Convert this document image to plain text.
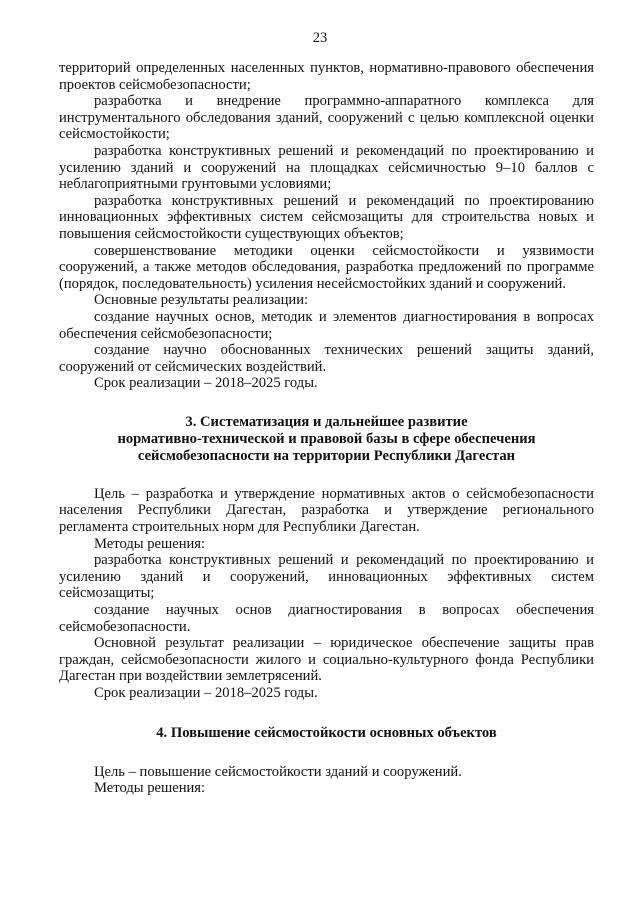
23

территорий определенных населенных пунктов, нормативно-правового обеспечения проектов сейсмобезопасности;

разработка и внедрение программно-аппаратного комплекса для инструментального обследования зданий, сооружений с целью комплексной оценки сейсмостойкости;

разработка конструктивных решений и рекомендаций по проектированию и усилению зданий и сооружений на площадках сейсмичностью 9–10 баллов с неблагоприятными грунтовыми условиями;

разработка конструктивных решений и рекомендаций по проектированию инновационных эффективных систем сейсмозащиты для строительства новых и повышения сейсмостойкости существующих объектов;

совершенствование методики оценки сейсмостойкости и уязвимости сооружений, а также методов обследования, разработка предложений по программе (порядок, последовательность) усиления несейсмостойких зданий и сооружений.

Основные результаты реализации:

создание научных основ, методик и элементов диагностирования в вопросах обеспечения сейсмобезопасности;

создание научно обоснованных технических решений защиты зданий, сооружений от сейсмических воздействий.

Срок реализации – 2018–2025 годы.

3. Систематизация и дальнейшее развитие
нормативно-технической и правовой базы в сфере обеспечения
сейсмобезопасности на территории Республики Дагестан

Цель – разработка и утверждение нормативных актов о сейсмобезопасности населения Республики Дагестан, разработка и утверждение регионального регламента строительных норм для Республики Дагестан.

Методы решения:

разработка конструктивных решений и рекомендаций по проектированию и усилению зданий и сооружений, инновационных эффективных систем сейсмозащиты;

создание научных основ диагностирования в вопросах обеспечения сейсмобезопасности.

Основной результат реализации – юридическое обеспечение защиты прав граждан, сейсмобезопасности жилого и социально-культурного фонда Республики Дагестан при воздействии землетрясений.

Срок реализации – 2018–2025 годы.

4. Повышение сейсмостойкости основных объектов

Цель – повышение сейсмостойкости зданий и сооружений.

Методы решения:
